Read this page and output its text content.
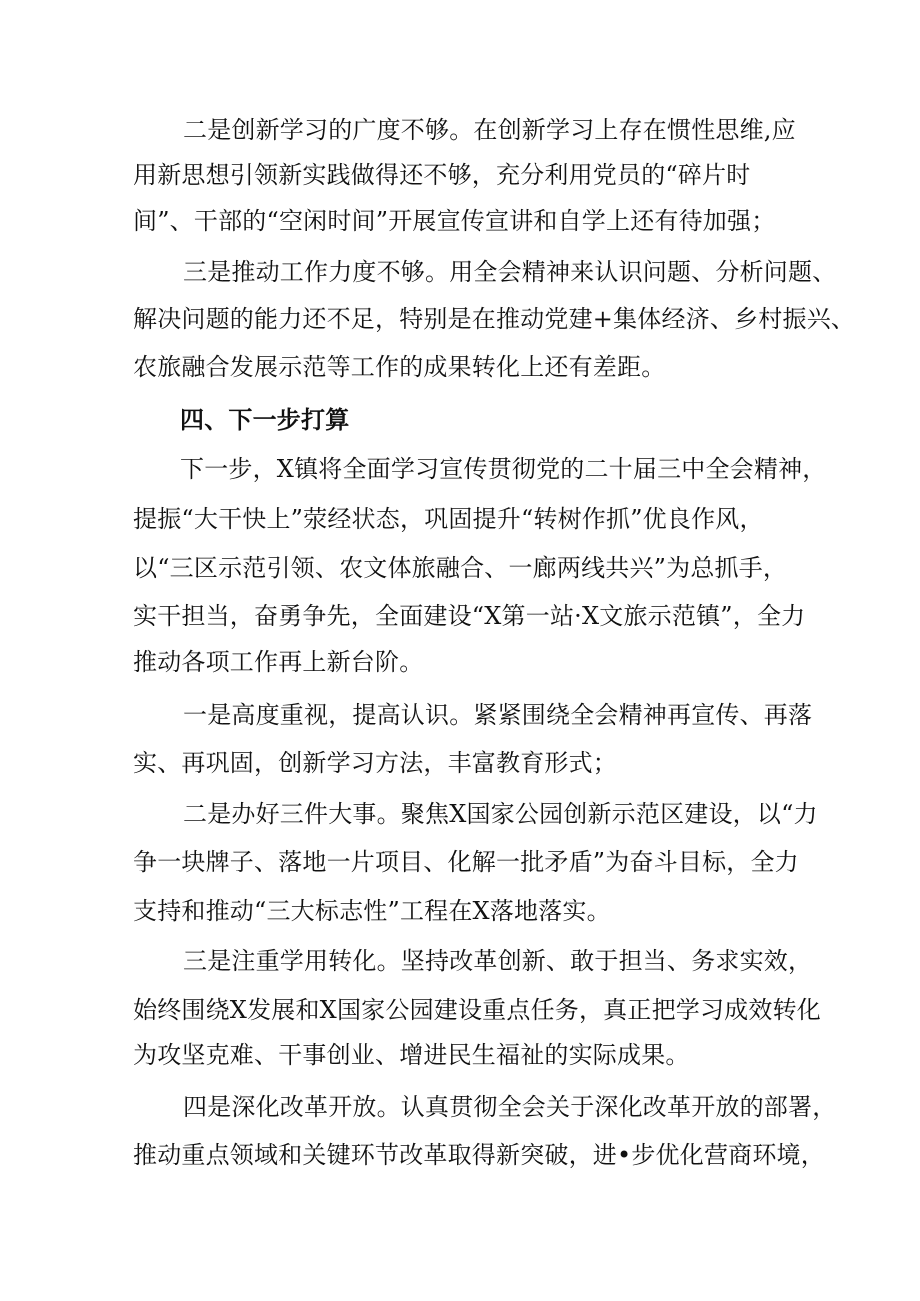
二是创新学习的广度不够。在创新学习上存在惯性思维,应
用新思想引领新实践做得还不够，充分利用党员的“碎片时
间”、干部的“空闲时间”开展宣传宣讲和自学上还有待加强；
三是推动工作力度不够。用全会精神来认识问题、分析问题、
解决问题的能力还不足，特别是在推动党建+集体经济、乡村振兴、
农旅融合发展示范等工作的成果转化上还有差距。
四、下一步打算
下一步，X镇将全面学习宣传贯彻党的二十届三中全会精神，
提振“大干快上”荥经状态，巩固提升“转树作抓”优良作风，
以“三区示范引领、农文体旅融合、一廊两线共兴”为总抓手，
实干担当，奋勇争先，全面建设“X第一站·X文旅示范镇”，全力
推动各项工作再上新台阶。
一是高度重视，提高认识。紧紧围绕全会精神再宣传、再落
实、再巩固，创新学习方法，丰富教育形式；
二是办好三件大事。聚焦X国家公园创新示范区建设，以“力
争一块牌子、落地一片项目、化解一批矛盾”为奋斗目标，全力
支持和推动“三大标志性”工程在X落地落实。
三是注重学用转化。坚持改革创新、敢于担当、务求实效，
始终围绕X发展和X国家公园建设重点任务，真正把学习成效转化
为攻坚克难、干事创业、增进民生福祉的实际成果。
四是深化改革开放。认真贯彻全会关于深化改革开放的部署，
推动重点领域和关键环节改革取得新突破，进•步优化营商环境，
